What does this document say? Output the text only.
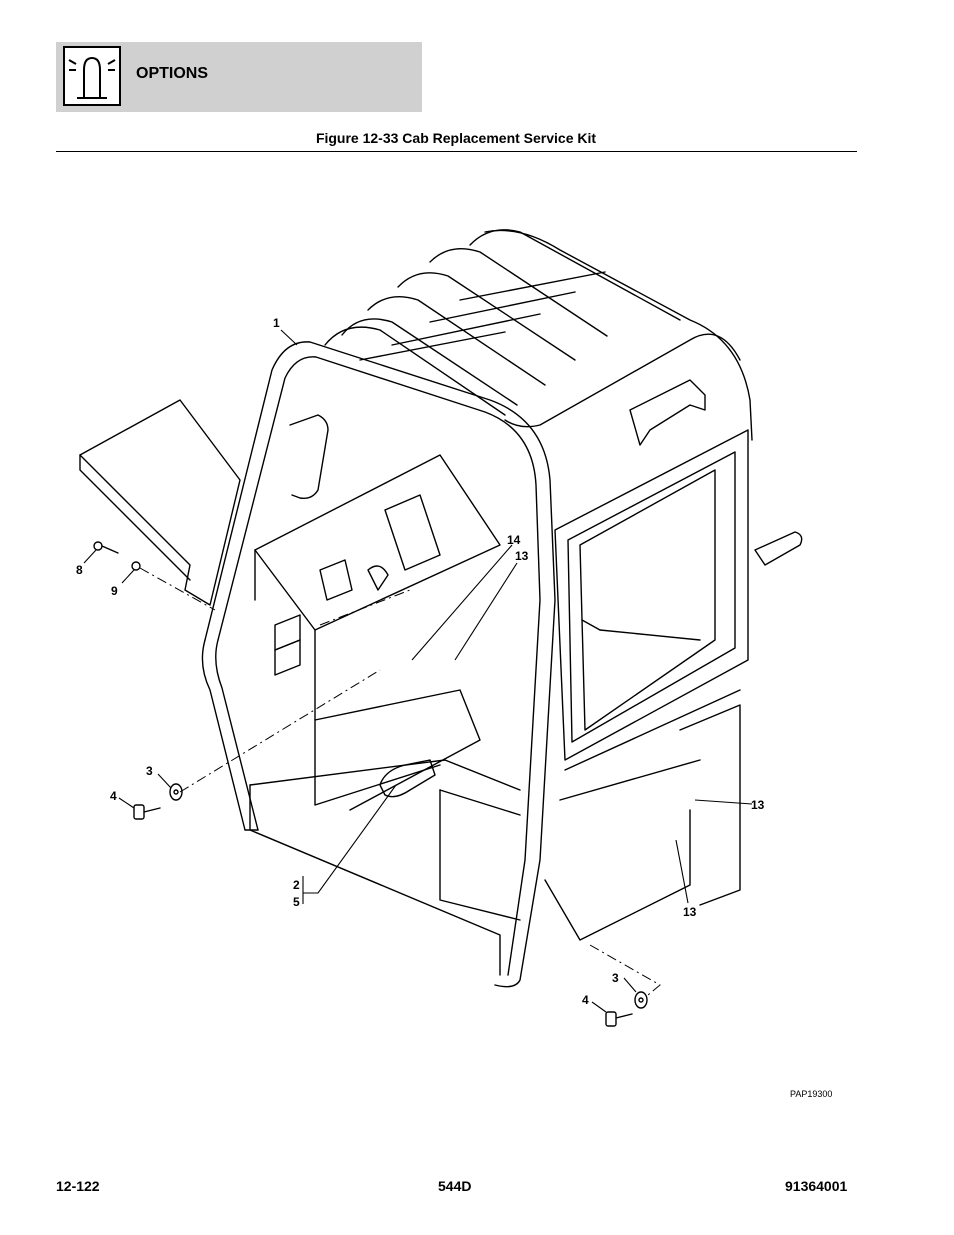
OPTIONS
Figure 12-33 Cab Replacement Service Kit
1
14
13
8
9
3
4
13
13
2
5
3
4
PAP19300
12-122	544D	91364001
